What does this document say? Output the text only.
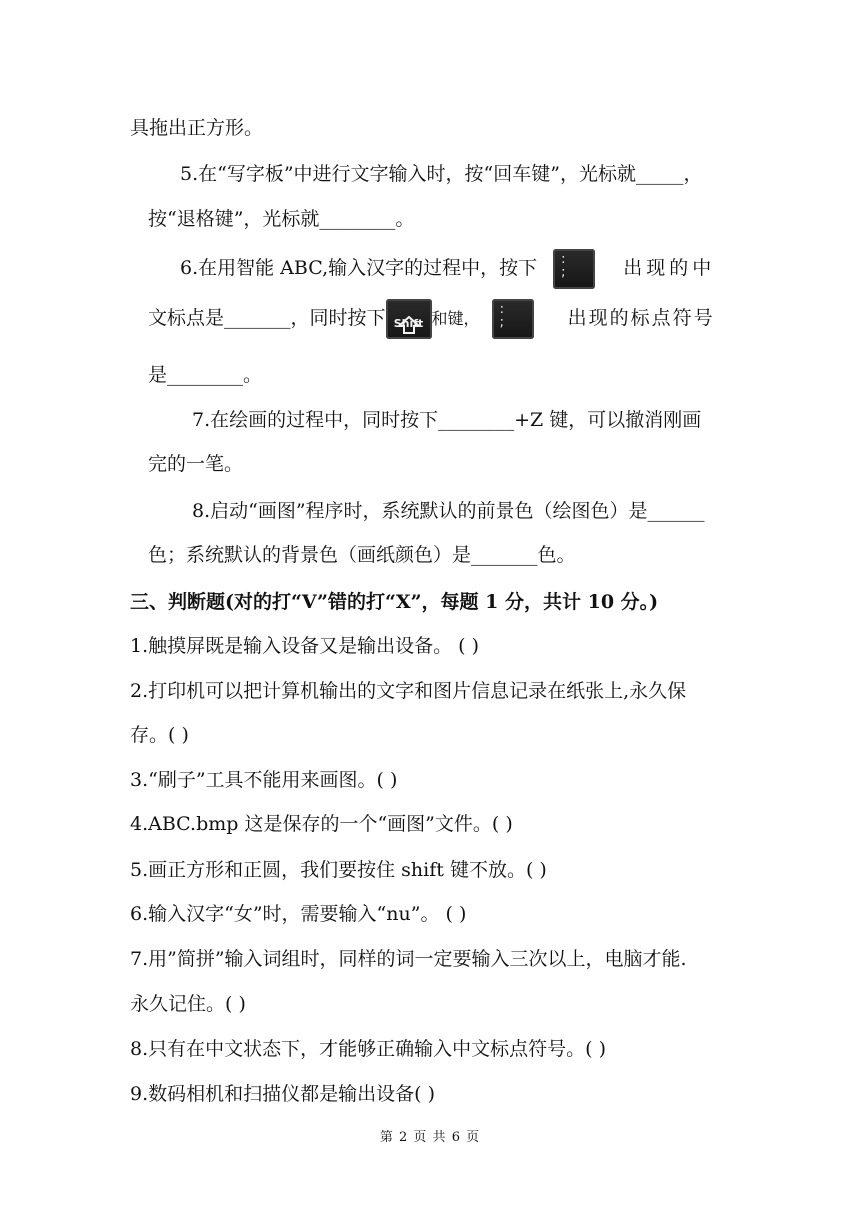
具拖出正方形。
5.在“写字板”中进行文字输入时，按“回车键”，光标就_____，
按“退格键”，光标就________。
6.在用智能 ABC,输入汉字的过程中，按下 :
;	出现的中
文标点是_______，同时按下 Shift 和键， :
;	出现的标点符号
是________。
7.在绘画的过程中，同时按下________+Z 键，可以撤消刚画
完的一笔。
8.启动“画图”程序时，系统默认的前景色（绘图色）是______
色；系统默认的背景色（画纸颜色）是_______色。
三、判断题(对的打“V”错的打“X”，每题 1 分，共计 10 分。)
1.触摸屏既是输入设备又是输出设备。 ( )
2.打印机可以把计算机输出的文字和图片信息记录在纸张上,永久保
存。( )
3.“刷子”工具不能用来画图。( )
4.ABC.bmp 这是保存的一个“画图”文件。( )
5.画正方形和正圆，我们要按住 shift 键不放。( )
6.输入汉字“女”时，需要输入“nu”。 ( )
7.用”简拼”输入词组时，同样的词一定要输入三次以上，电脑才能.
永久记住。( )
8.只有在中文状态下，才能够正确输入中文标点符号。( )
9.数码相机和扫描仪都是输出设备( )
第 2 页 共 6 页
